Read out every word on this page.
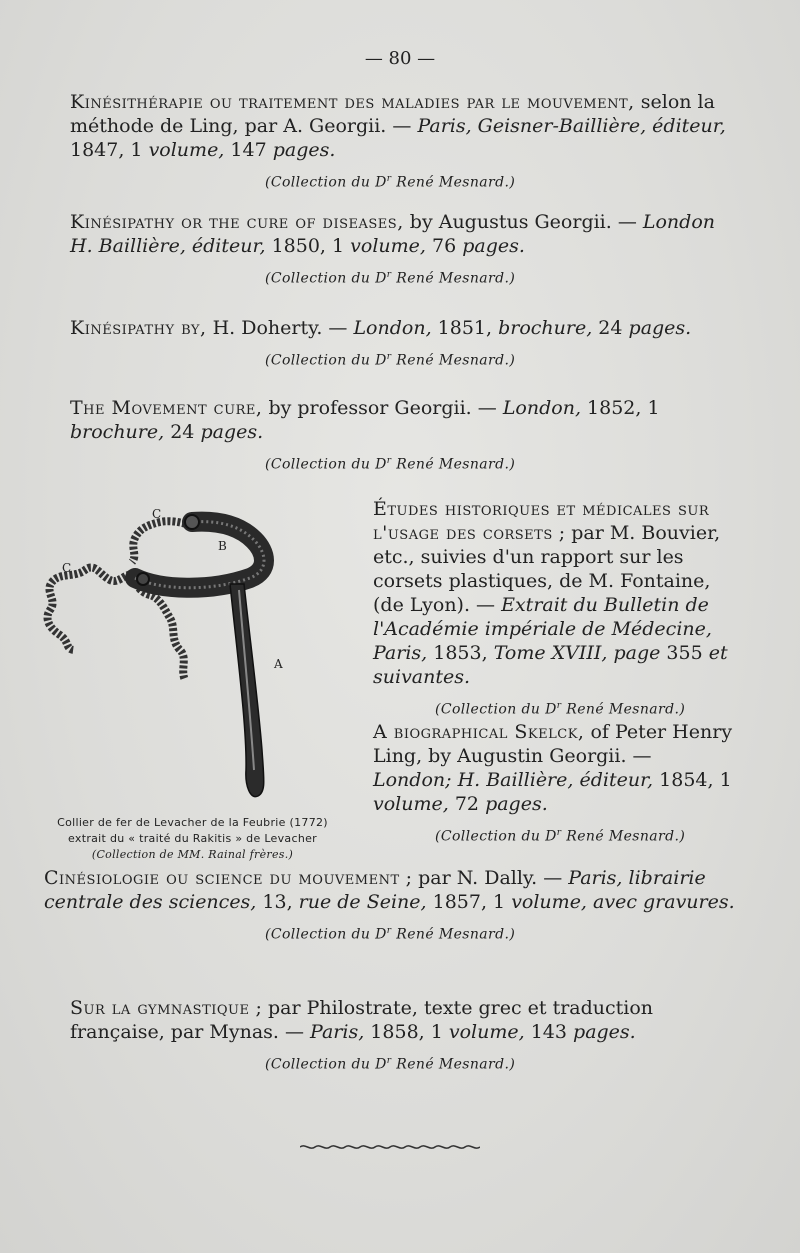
— 80 —

Kinésithérapie ou traitement des maladies par le mouvement, selon la méthode de Ling, par A. Georgii. — Paris, Geisner-Baillière, éditeur, 1847, 1 volume, 147 pages.

(Collection du $D^r$ René Mesnard.)

Kinésipathy or the cure of diseases, by Augustus Georgii. — London H. Baillière, éditeur, 1850, 1 volume, 76 pages.

(Collection du $D^r$ René Mesnard.)

Kinésipathy by, H. Doherty. — London, 1851, brochure, 24 pages.

(Collection du $D^r$ René Mesnard.)

The Movement cure, by professor Georgii. — London, 1852, 1 brochure, 24 pages.

(Collection du $D^r$ René Mesnard.)
C
C
B
A
Collier de fer de Levacher de la Feubrie (1772)
extrait du « traité du Rakitis » de Levacher
(Collection de MM. Rainal frères.)

Études historiques et médicales sur l'usage des corsets ; par M. Bouvier, etc., suivies d'un rapport sur les corsets plastiques, de M. Fontaine, (de Lyon). — Extrait du Bulletin de l'Académie impériale de Médecine, Paris, 1853, Tome XVIII, page 355 et suivantes.

(Collection du $D^r$ René Mesnard.)

A biographical Skelck, of Peter Henry Ling, by Augustin Georgii. — London; H. Baillière, éditeur, 1854, 1 volume, 72 pages.

(Collection du $D^r$ René Mesnard.)

Cinésiologie ou science du mouvement ; par N. Dally. — Paris, librairie centrale des sciences, 13, rue de Seine, 1857, 1 volume, avec gravures.

(Collection du $D^r$ René Mesnard.)

Sur la gymnastique ; par Philostrate, texte grec et traduction française, par Mynas. — Paris, 1858, 1 volume, 143 pages.

(Collection du $D^r$ René Mesnard.)
